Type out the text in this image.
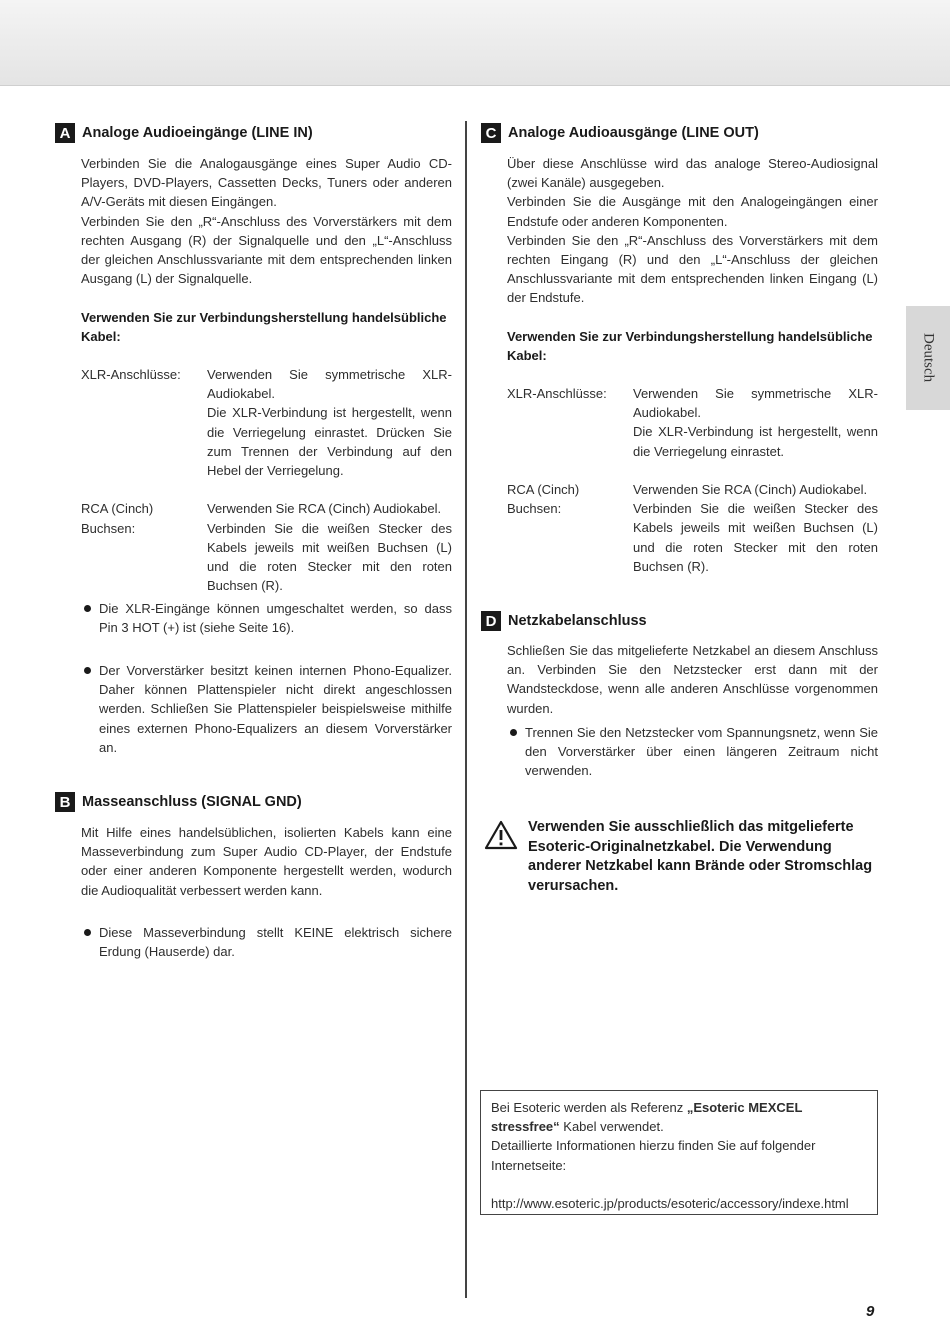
Deutsch
A Analoge Audioeingänge (LINE IN)

Verbinden Sie die Analogausgänge eines Super Audio CD-Players, DVD-Players, Cassetten Decks, Tuners oder anderen A/V-Geräts mit diesen Eingängen.

Verbinden Sie den „R“-Anschluss des Vorverstärkers mit dem rechten Ausgang (R) der Signalquelle und den „L“-Anschluss der gleichen Anschlussvariante mit dem entsprechenden linken Ausgang (L) der Signalquelle.

Verwenden Sie zur Verbindungsherstellung handelsübliche Kabel:

XLR-Anschlüsse:	Verwenden Sie symmetrische XLR-Audiokabel.
Die XLR-Verbindung ist hergestellt, wenn die Verriegelung einrastet. Drücken Sie zum Trennen der Verbindung auf den Hebel der Verriegelung.
RCA (Cinch) Buchsen:
Verwenden Sie RCA (Cinch) Audiokabel.
Verbinden Sie die weißen Stecker des Kabels jeweils mit weißen Buchsen (L) und die roten Stecker mit den roten Buchsen (R).
Die XLR-Eingänge können umgeschaltet werden, so dass Pin 3 HOT (+) ist (siehe Seite 16).
Der Vorverstärker besitzt keinen internen Phono-Equalizer. Daher können Plattenspieler nicht direkt angeschlossen werden. Schließen Sie Plattenspieler beispielsweise mithilfe eines externen Phono-Equalizers an diesem Vorverstärker an.
B Masseanschluss (SIGNAL GND)

Mit Hilfe eines handelsüblichen, isolierten Kabels kann eine Masseverbindung zum Super Audio CD-Player, der Endstufe oder einer anderen Komponente hergestellt werden, wodurch die Audioqualität verbessert werden kann.

Diese Masseverbindung stellt KEINE elektrisch sichere Erdung (Hauserde) dar.
C Analoge Audioausgänge (LINE OUT)

Über diese Anschlüsse wird das analoge Stereo-Audiosignal (zwei Kanäle) ausgegeben.

Verbinden Sie die Ausgänge mit den Analogeingängen einer Endstufe oder anderen Komponenten.

Verbinden Sie den „R“-Anschluss des Vorverstärkers mit dem rechten Eingang (R) und den „L“-Anschluss der gleichen Anschlussvariante mit dem entsprechenden linken Eingang (L) der Endstufe.

Verwenden Sie zur Verbindungsherstellung handelsübliche Kabel:

XLR-Anschlüsse:	Verwenden Sie symmetrische XLR-Audiokabel.
Die XLR-Verbindung ist hergestellt, wenn die Verriegelung einrastet.
RCA (Cinch) Buchsen:
Verwenden Sie RCA (Cinch) Audiokabel.
Verbinden Sie die weißen Stecker des Kabels jeweils mit weißen Buchsen (L) und die roten Stecker mit den roten Buchsen (R).
D Netzkabelanschluss

Schließen Sie das mitgelieferte Netzkabel an diesem Anschluss an. Verbinden Sie den Netzstecker erst dann mit der Wandsteckdose, wenn alle anderen Anschlüsse vorgenommen wurden.

Trennen Sie den Netzstecker vom Spannungsnetz, wenn Sie den Vorverstärker über einen längeren Zeitraum nicht verwenden.
Verwenden Sie ausschließlich das mitgelieferte Esoteric-Originalnetzkabel. Die Verwendung anderer Netzkabel kann Brände oder Stromschlag verursachen.

Bei Esoteric werden als Referenz „Esoteric MEXCEL stressfree“ Kabel verwendet.

Detaillierte Informationen hierzu finden Sie auf folgender Internetseite:

http://www.esoteric.jp/products/esoteric/accessory/indexe.html

9
